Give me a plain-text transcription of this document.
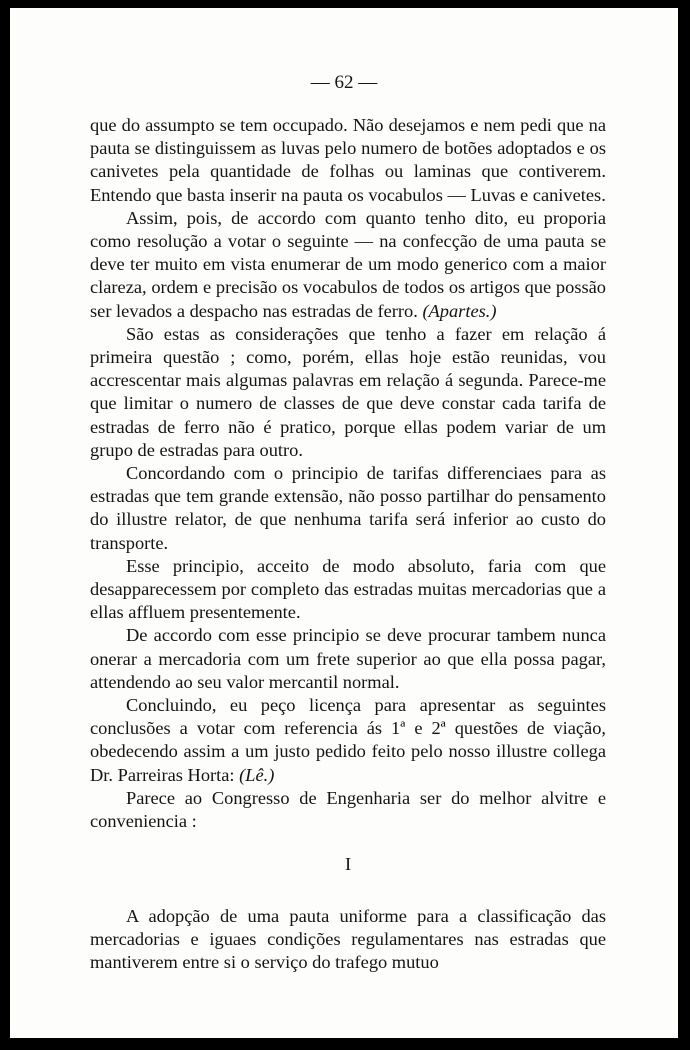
— 62 —

que do assumpto se tem occupado. Não desejamos e nem pedi que na pauta se distinguissem as luvas pelo numero de botões adoptados e os canivetes pela quantidade de folhas ou laminas que contiverem. Entendo que basta inserir na pauta os vocabulos — Luvas e canivetes.

Assim, pois, de accordo com quanto tenho dito, eu proporia como resolução a votar o seguinte — na confecção de uma pauta se deve ter muito em vista enumerar de um modo generico com a maior clareza, ordem e precisão os vocabulos de todos os artigos que possão ser levados a despacho nas estradas de ferro. (Apartes.)

São estas as considerações que tenho a fazer em relação á primeira questão ; como, porém, ellas hoje estão reunidas, vou accrescentar mais algumas palavras em relação á segunda. Parece-me que limitar o numero de classes de que deve constar cada tarifa de estradas de ferro não é pratico, porque ellas podem variar de um grupo de estradas para outro.

Concordando com o principio de tarifas differenciaes para as estradas que tem grande extensão, não posso partilhar do pensamento do illustre relator, de que nenhuma tarifa será inferior ao custo do transporte.

Esse principio, acceito de modo absoluto, faria com que desapparecessem por completo das estradas muitas mercadorias que a ellas affluem presentemente.

De accordo com esse principio se deve procurar tambem nunca onerar a mercadoria com um frete superior ao que ella possa pagar, attendendo ao seu valor mercantil normal.

Concluindo, eu peço licença para apresentar as seguintes conclusões a votar com referencia ás 1ª e 2ª questões de viação, obedecendo assim a um justo pedido feito pelo nosso illustre collega Dr. Parreiras Horta: (Lê.)

Parece ao Congresso de Engenharia ser do melhor alvitre e conveniencia :

I

A adopção de uma pauta uniforme para a classificação das mercadorias e iguaes condições regulamentares nas estradas que mantiverem entre si o serviço do trafego mutuo
